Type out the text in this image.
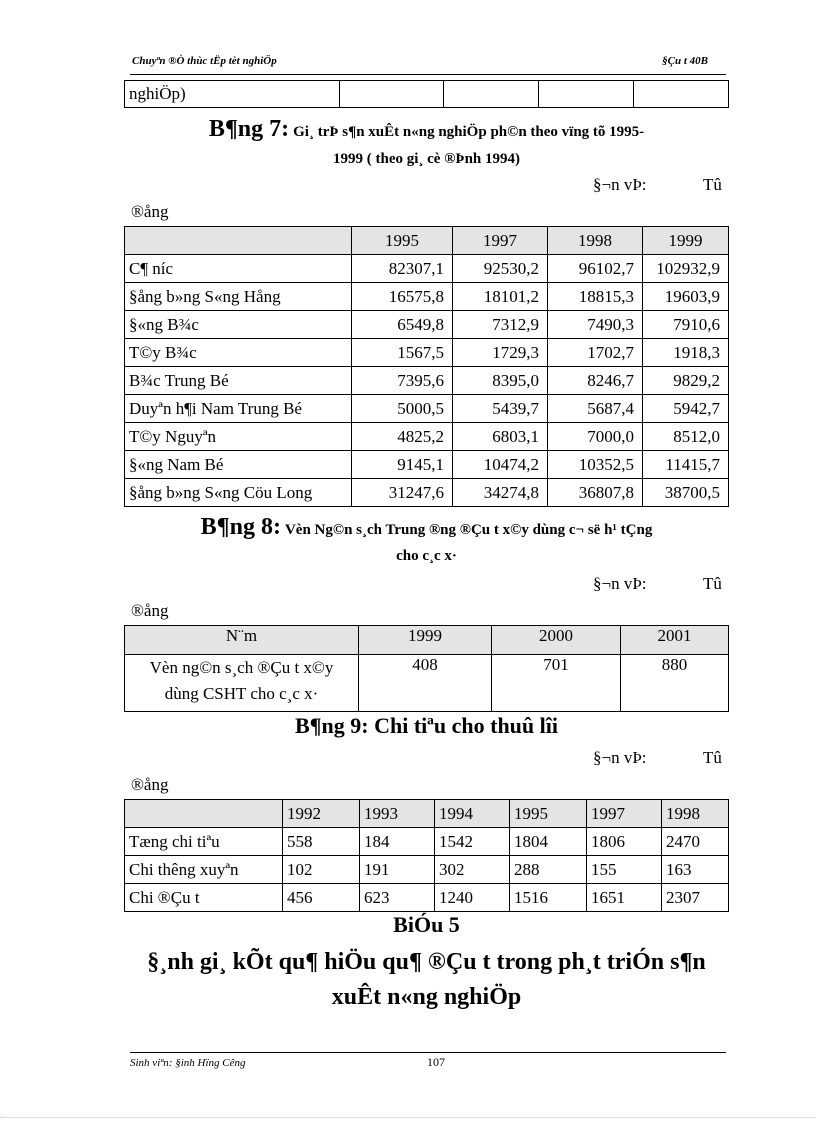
Chuyªn ®Ò thùc tËp tèt nghiÖp	§Çu t 40B
nghiÖp)				
B¶ng 7: Gi¸ trÞ s¶n xuÊt n«ng nghiÖp ph©n theo vïng tõ 1995-
1999 ( theo gi¸ cè ®Þnh 1994)
§¬n vÞ:	Tû
®ång
	1995	1997	1998	1999
C¶ níc	82307,1	92530,2	96102,7	102932,9
§ång b»ng S«ng Hång	16575,8	18101,2	18815,3	19603,9
§«ng B¾c	6549,8	7312,9	7490,3	7910,6
T©y B¾c	1567,5	1729,3	1702,7	1918,3
B¾c Trung Bé	7395,6	8395,0	8246,7	9829,2
Duyªn h¶i Nam Trung Bé	5000,5	5439,7	5687,4	5942,7
T©y Nguyªn	4825,2	6803,1	7000,0	8512,0
§«ng Nam Bé	9145,1	10474,2	10352,5	11415,7
§ång b»ng S«ng Cöu Long	31247,6	34274,8	36807,8	38700,5
B¶ng 8: Vèn Ng©n s¸ch Trung ®ng ®Çu t x©y dùng c¬ së h¹ tÇng
cho c¸c x·
§¬n vÞ:	Tû
®ång
N¨m	1999	2000	2001

Vèn ng©n s¸ch ®Çu t x©y
dùng CSHT cho c¸c x·	408	701	880
B¶ng 9: Chi tiªu cho thuû lîi
§¬n vÞ:	Tû
®ång
	1992	1993	1994	1995	1997	1998
Tæng chi tiªu	558	184	1542	1804	1806	2470
Chi thêng xuyªn	102	191	302	288	155	163
Chi ®Çu t	456	623	1240	1516	1651	2307
BiÓu 5
§¸nh gi¸ kÕt qu¶ hiÖu qu¶ ®Çu t trong ph¸t triÓn s¶n
xuÊt n«ng nghiÖp
Sinh viªn: §inh Hïng Cêng	107
